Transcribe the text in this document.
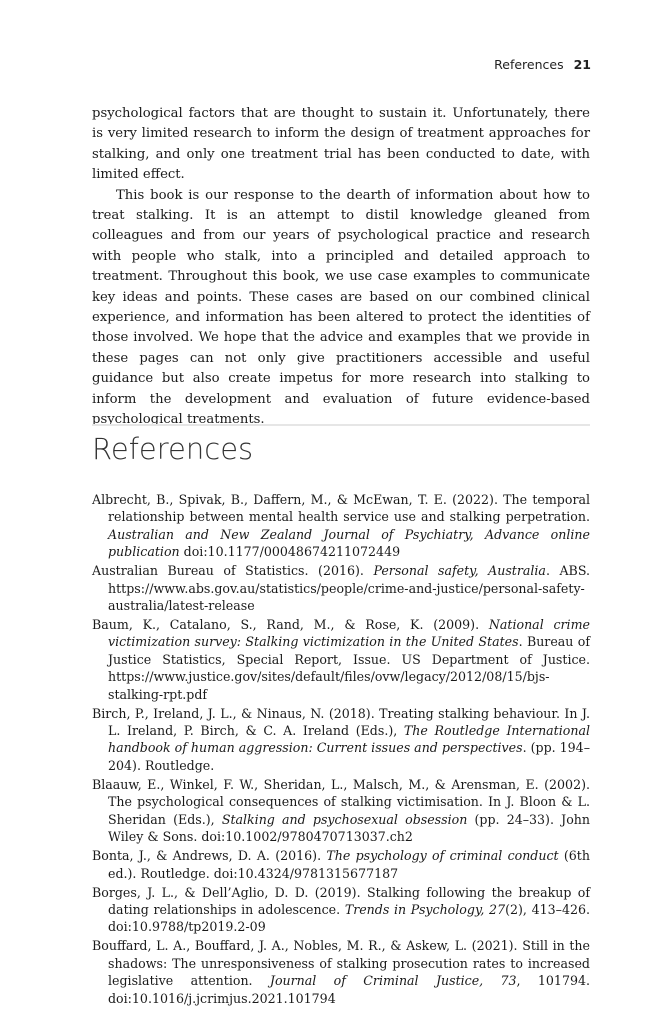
References 21

psychological factors that are thought to sustain it. Unfortunately, there is very limited research to inform the design of treatment approaches for stalking, and only one treatment trial has been conducted to date, with limited effect.

This book is our response to the dearth of information about how to treat stalking. It is an attempt to distil knowledge gleaned from colleagues and from our years of psychological practice and research with people who stalk, into a principled and detailed approach to treatment. Throughout this book, we use case examples to communicate key ideas and points. These cases are based on our combined clinical experience, and information has been altered to protect the identities of those involved. We hope that the advice and examples that we provide in these pages can not only give practitioners accessible and useful guidance but also create impetus for more research into stalking to inform the development and evaluation of future evidence-based psychological treatments.

References

Albrecht, B., Spivak, B., Daffern, M., & McEwan, T. E. (2022). The temporal relationship between mental health service use and stalking perpetration. Australian and New Zealand Journal of Psychiatry, Advance online publication doi:10.1177/00048674211072449

Australian Bureau of Statistics. (2016). Personal safety, Australia. ABS. https://www.abs.gov.au/statistics/people/crime-and-justice/personal-safety-australia/latest-release

Baum, K., Catalano, S., Rand, M., & Rose, K. (2009). National crime victimization survey: Stalking victimization in the United States. Bureau of Justice Statistics, Special Report, Issue. US Department of Justice. https://www.justice.gov/sites/default/files/ovw/legacy/2012/08/15/bjs-stalking-rpt.pdf

Birch, P., Ireland, J. L., & Ninaus, N. (2018). Treating stalking behaviour. In J. L. Ireland, P. Birch, & C. A. Ireland (Eds.), The Routledge International handbook of human aggression: Current issues and perspectives. (pp. 194–204). Routledge.

Blaauw, E., Winkel, F. W., Sheridan, L., Malsch, M., & Arensman, E. (2002). The psychological consequences of stalking victimisation. In J. Bloon & L. Sheridan (Eds.), Stalking and psychosexual obsession (pp. 24–33). John Wiley & Sons. doi:10.1002/9780470713037.ch2

Bonta, J., & Andrews, D. A. (2016). The psychology of criminal conduct (6th ed.). Routledge. doi:10.4324/9781315677187

Borges, J. L., & Dell’Aglio, D. D. (2019). Stalking following the breakup of dating relationships in adolescence. Trends in Psychology, 27(2), 413–426. doi:10.9788/tp2019.2-09

Bouffard, L. A., Bouffard, J. A., Nobles, M. R., & Askew, L. (2021). Still in the shadows: The unresponsiveness of stalking prosecution rates to increased legislative attention. Journal of Criminal Justice, 73, 101794. doi:10.1016/j.jcrimjus.2021.101794
